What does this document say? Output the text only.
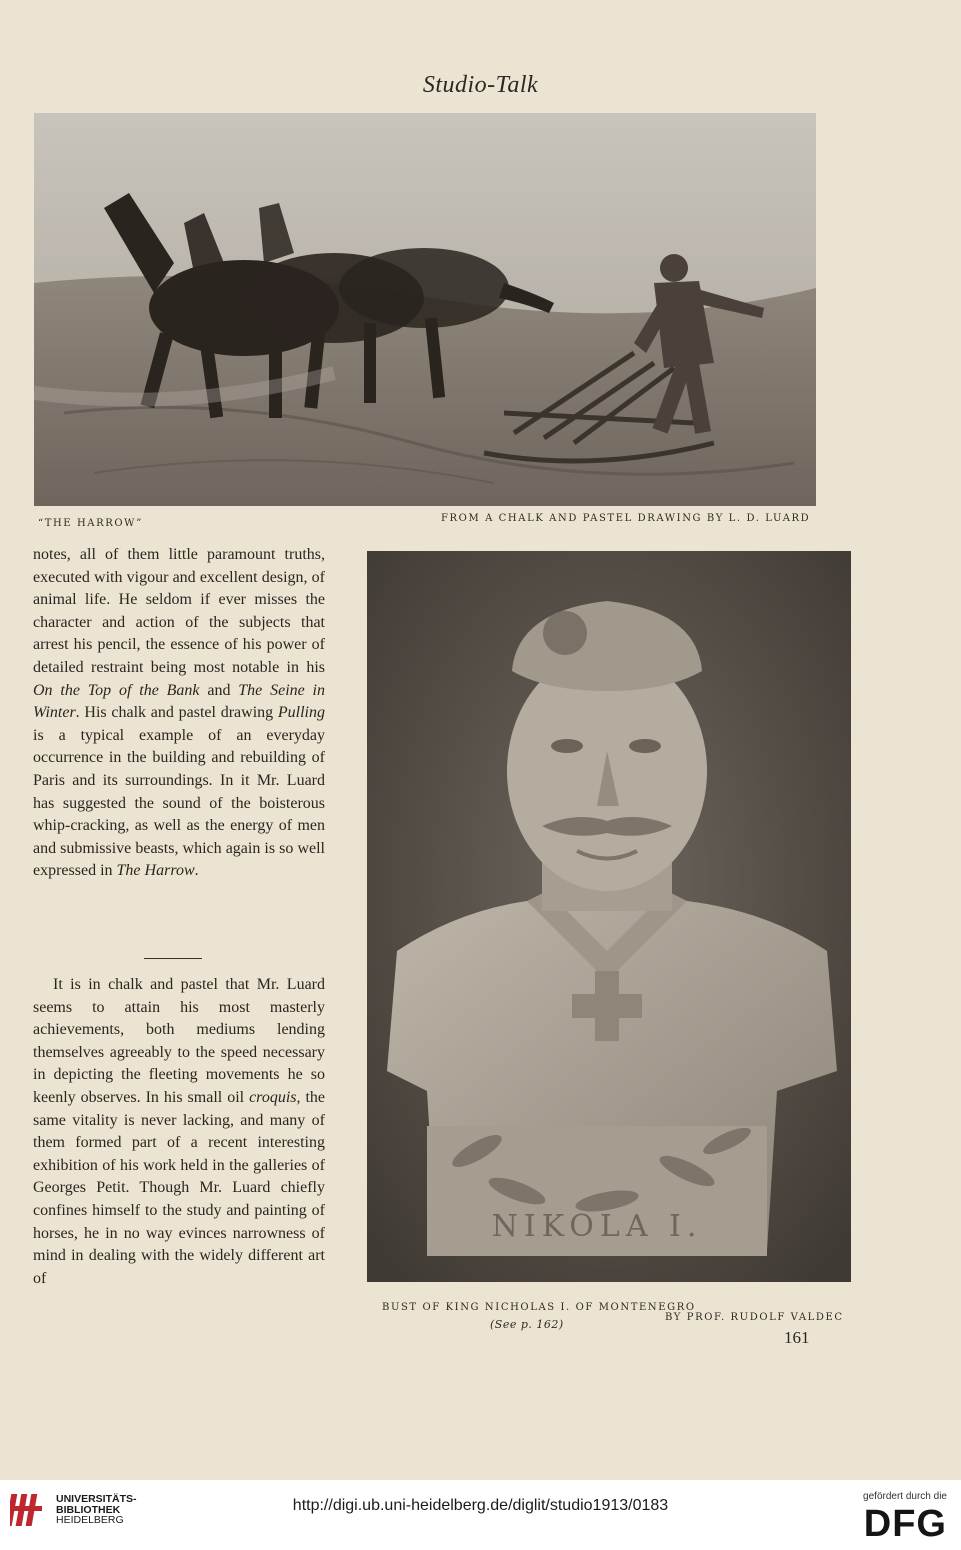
Studio-Talk
“THE HARROW”	FROM A CHALK AND PASTEL DRAWING BY L. D. LUARD
notes, all of them little paramount truths, executed with vigour and excellent design, of animal life. He seldom if ever misses the character and action of the subjects that arrest his pencil, the essence of his power of detailed restraint being most notable in his On the Top of the Bank and The Seine in Winter. His chalk and pastel drawing Pulling is a typical example of an everyday occurrence in the building and rebuilding of Paris and its surroundings. In it Mr. Luard has suggested the sound of the boisterous whip-cracking, as well as the energy of men and submissive beasts, which again is so well expressed in The Harrow.
It is in chalk and pastel that Mr. Luard seems to attain his most masterly achievements, both mediums lending themselves agreeably to the speed necessary in depicting the fleeting movements he so keenly observes. In his small oil croquis, the same vitality is never lacking, and many of them formed part of a recent interesting exhibition of his work held in the galleries of Georges Petit. Though Mr. Luard chiefly confines himself to the study and painting of horses, he in no way evinces narrowness of mind in dealing with the widely different art of
NIKOLA I.
BUST OF KING NICHOLAS I. OF MONTENEGRO
(See p. 162)
BY PROF. RUDOLF VALDEC
161
UNIVERSITÄTS-
BIBLIOTHEK
HEIDELBERG
http://digi.ub.uni-heidelberg.de/diglit/studio1913/0183
gefördert durch die
DFG
